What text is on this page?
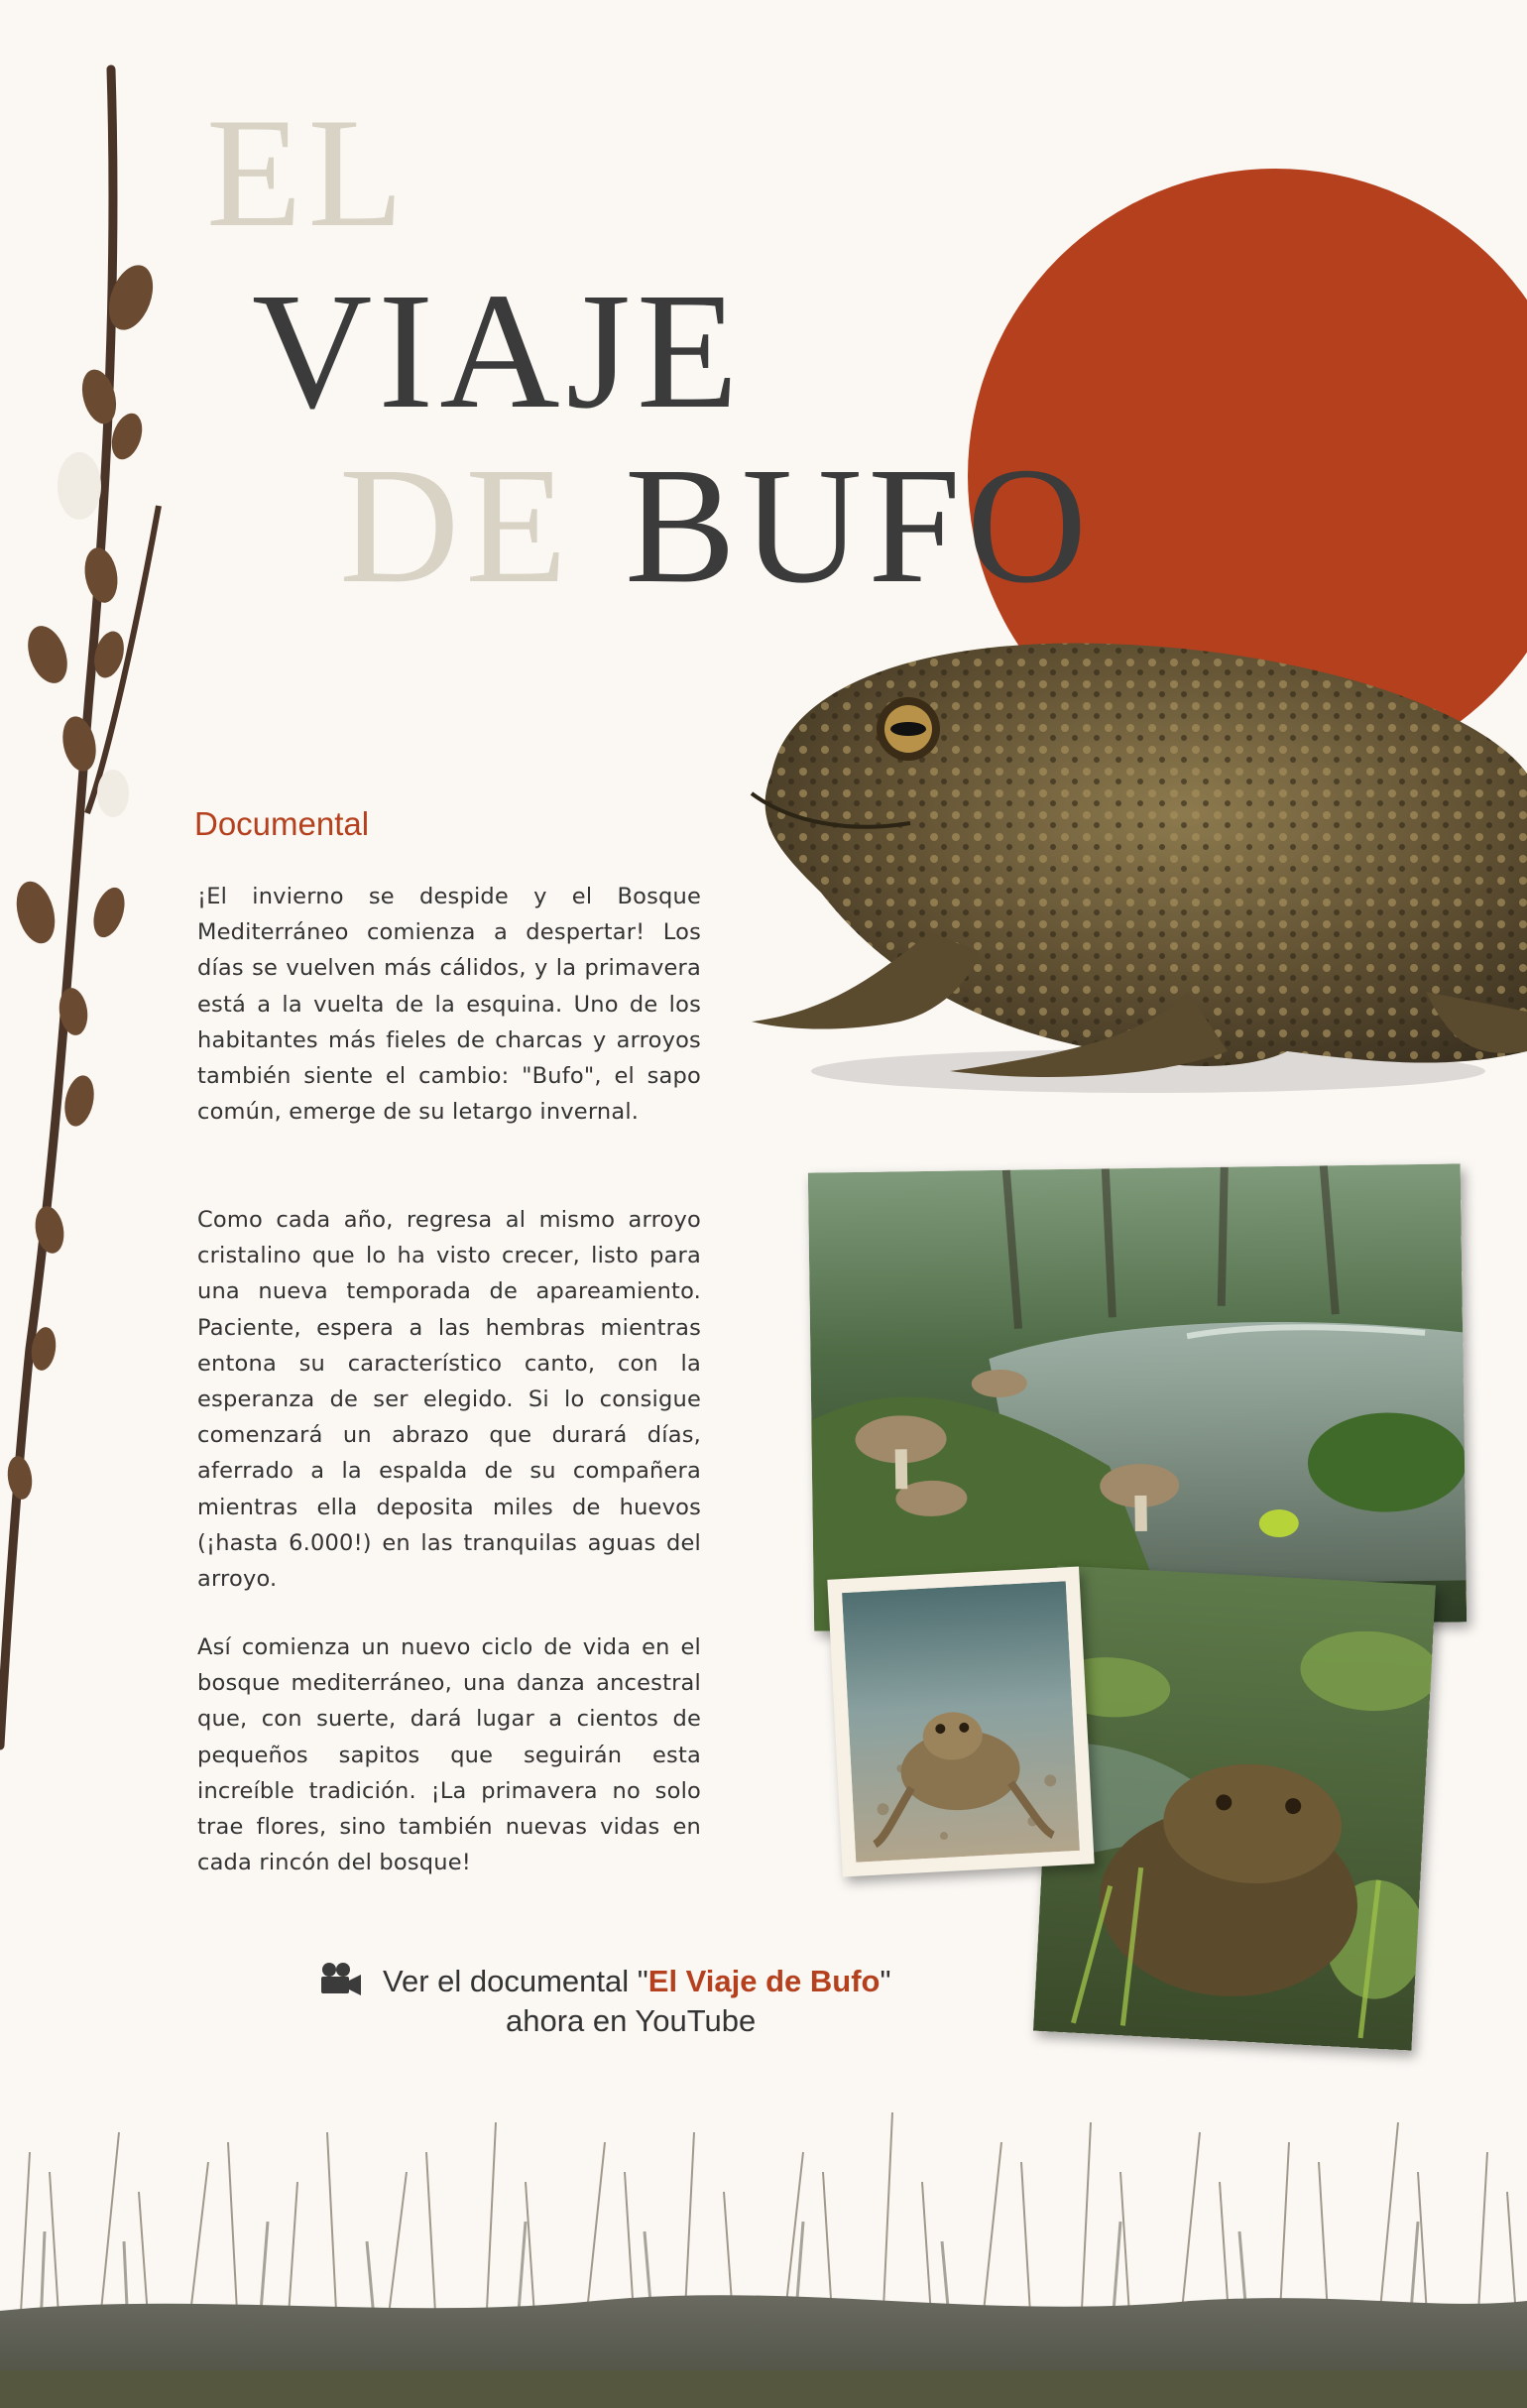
EL
VIAJE
DE BUFO
Documental

¡El invierno se despide y el Bosque Mediterráneo comienza a despertar! Los días se vuelven más cálidos, y la primavera está a la vuelta de la esquina. Uno de los habitantes más fieles de charcas y arroyos también siente el cambio: "Bufo", el sapo común, emerge de su letargo invernal.

Como cada año, regresa al mismo arroyo cristalino que lo ha visto crecer, listo para una nueva temporada de apareamiento. Paciente, espera a las hembras mientras entona su característico canto, con la esperanza de ser elegido. Si lo consigue comenzará un abrazo que durará días, aferrado a la espalda de su compañera mientras ella deposita miles de huevos (¡hasta 6.000!) en las tranquilas aguas del arroyo.

Así comienza un nuevo ciclo de vida en el bosque mediterráneo, una danza ancestral que, con suerte, dará lugar a cientos de pequeños sapitos que seguirán esta increíble tradición. ¡La primavera no solo trae flores, sino también nuevas vidas en cada rincón del bosque!

Ver el documental "El Viaje de Bufo"
ahora en YouTube
